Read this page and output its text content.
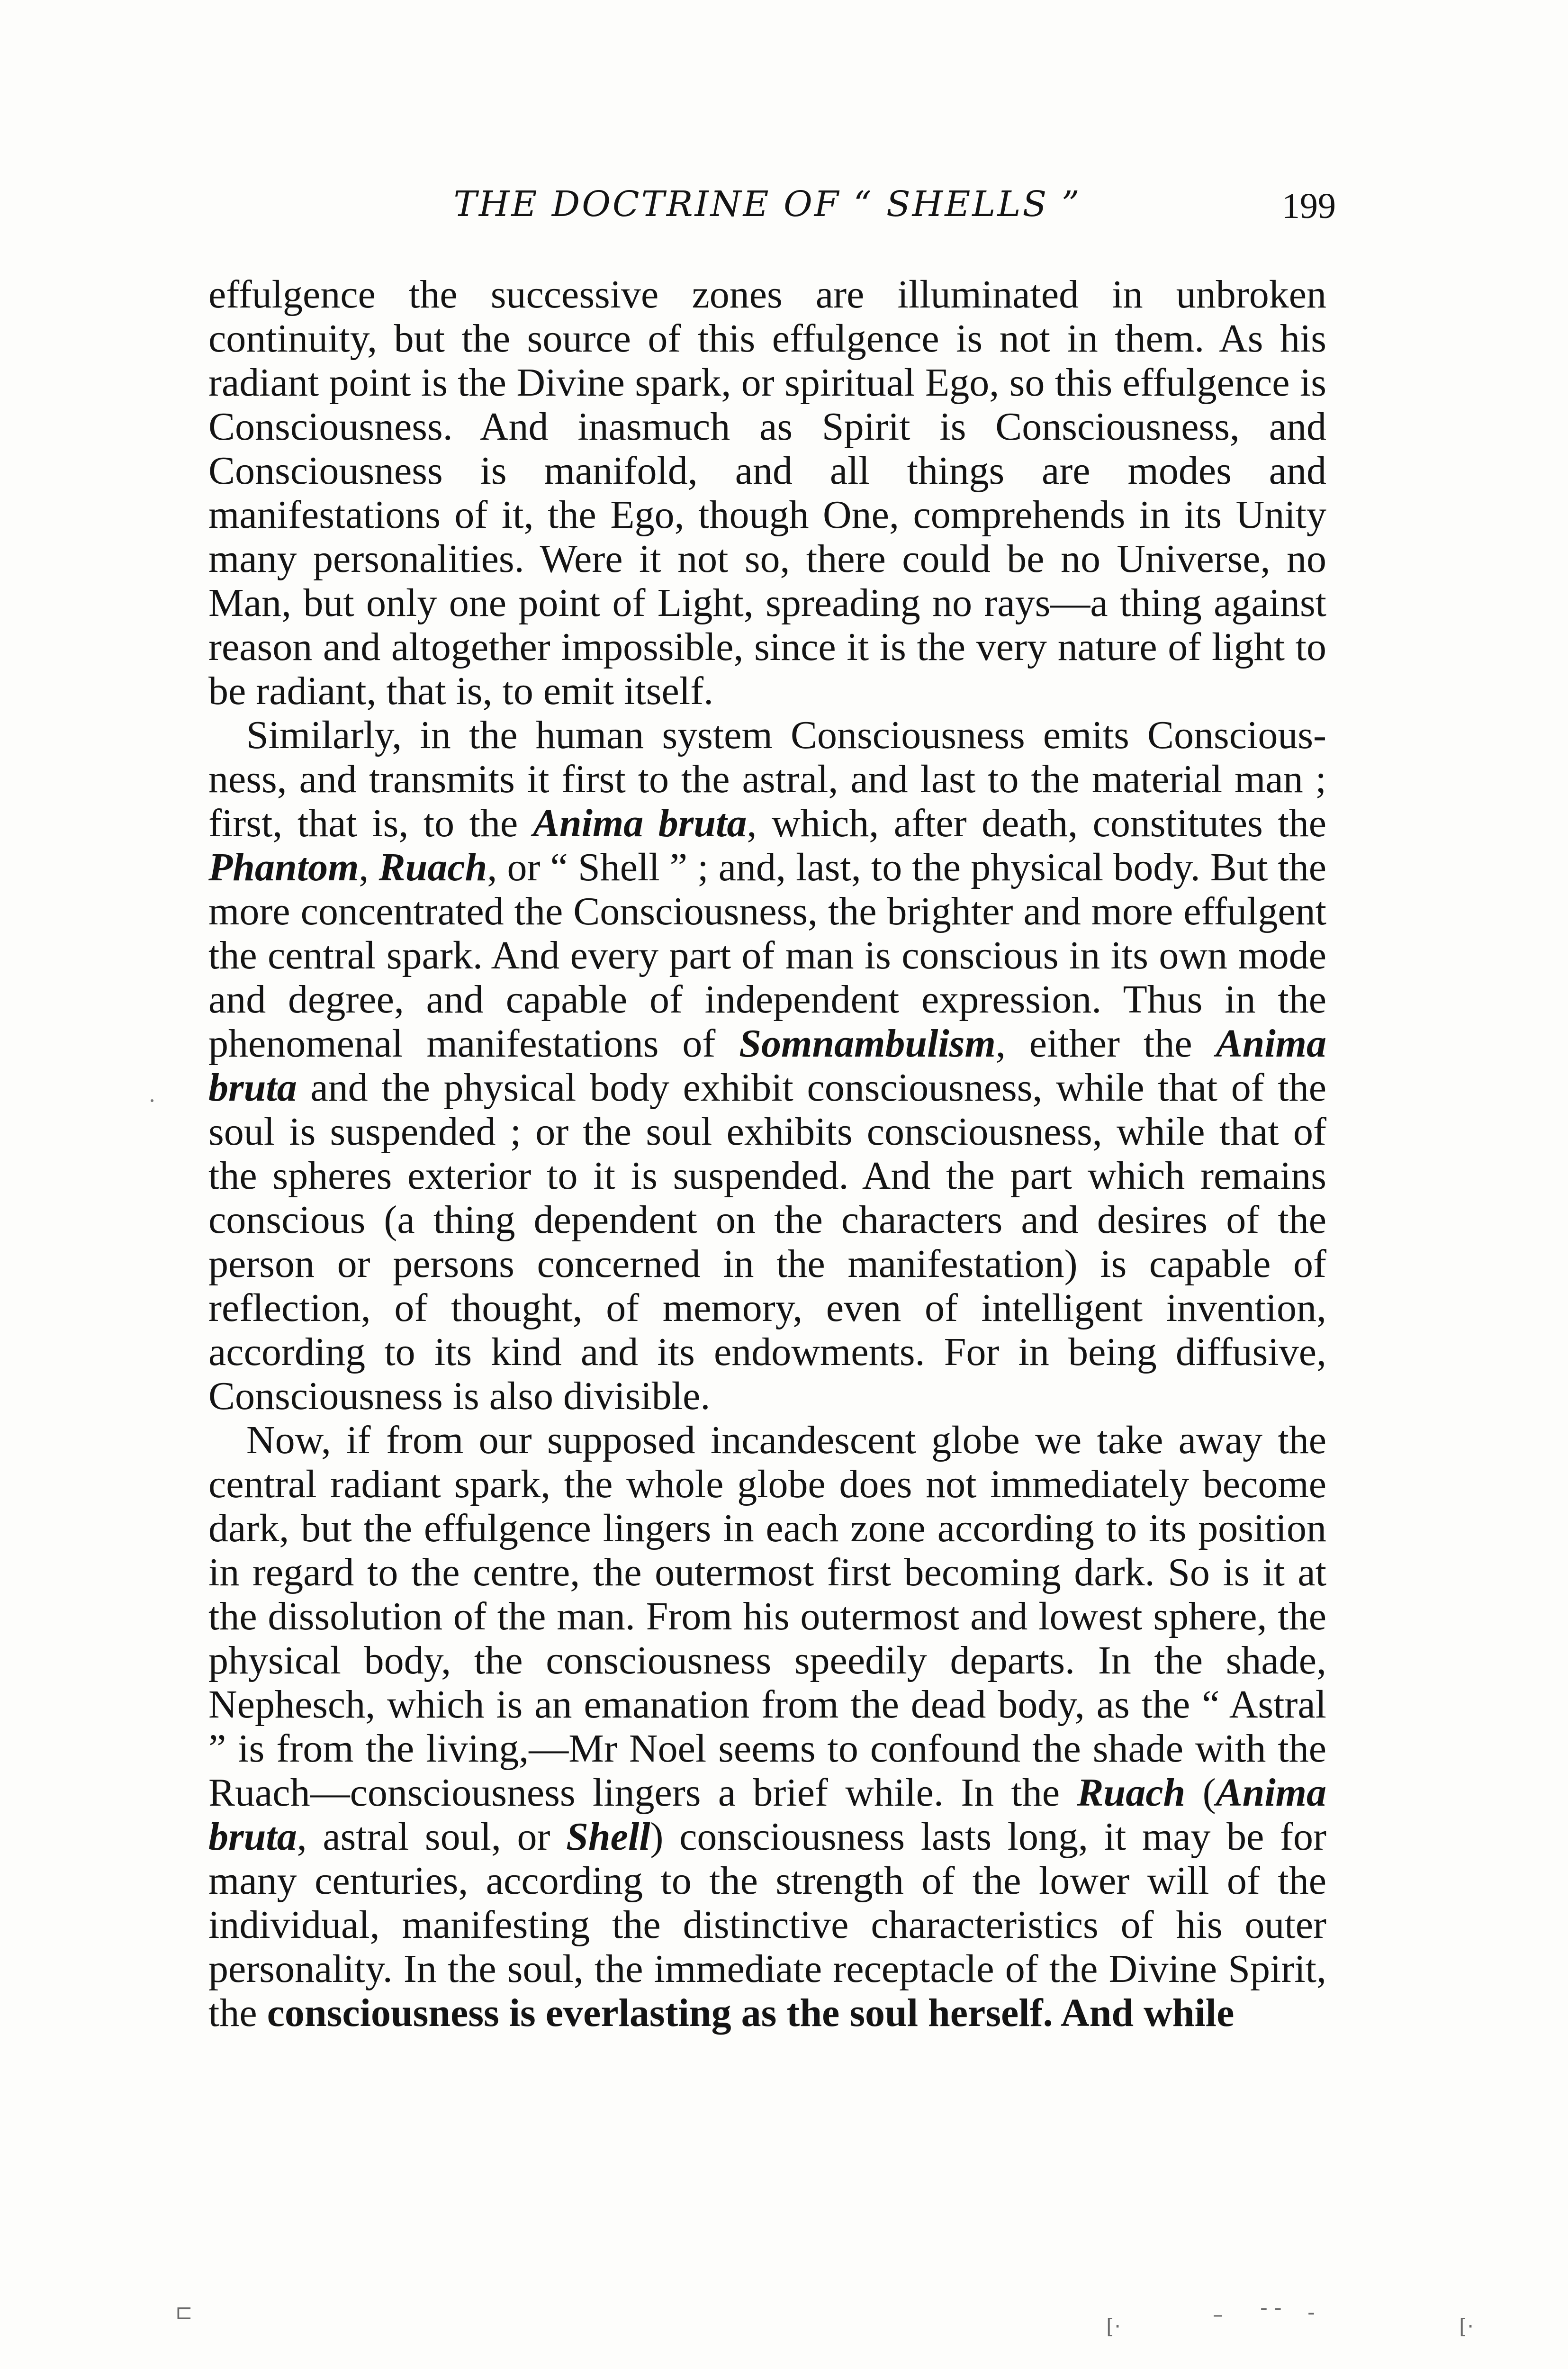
THE DOCTRINE OF “ SHELLS ”	199

effulgence the successive zones are illuminated in unbroken continuity, but the source of this effulgence is not in them. As his radiant point is the Divine spark, or spiritual Ego, so this effulgence is Consciousness. And inasmuch as Spirit is Consciousness, and Consciousness is manifold, and all things are modes and manifestations of it, the Ego, though One, comprehends in its Unity many personalities. Were it not so, there could be no Universe, no Man, but only one point of Light, spreading no rays—a thing against reason and altogether impossible, since it is the very nature of light to be radiant, that is, to emit itself.

Similarly, in the human system Consciousness emits Consciousness, and transmits it first to the astral, and last to the material man ; first, that is, to the Anima bruta, which, after death, constitutes the Phantom, Ruach, or “ Shell ” ; and, last, to the physical body. But the more concentrated the Consciousness, the brighter and more effulgent the central spark. And every part of man is conscious in its own mode and degree, and capable of independent expression. Thus in the phenomenal manifestations of Somnambulism, either the Anima bruta and the physical body exhibit consciousness, while that of the soul is suspended ; or the soul exhibits consciousness, while that of the spheres exterior to it is suspended. And the part which remains conscious (a thing dependent on the characters and desires of the person or persons concerned in the manifestation) is capable of reflection, of thought, of memory, even of intelligent invention, according to its kind and its endowments. For in being diffusive, Consciousness is also divisible.

Now, if from our supposed incandescent globe we take away the central radiant spark, the whole globe does not immediately become dark, but the effulgence lingers in each zone according to its position in regard to the centre, the outermost first becoming dark. So is it at the dissolution of the man. From his outermost and lowest sphere, the physical body, the consciousness speedily departs. In the shade, Nephesch, which is an emanation from the dead body, as the “ Astral ” is from the living,—Mr Noel seems to confound the shade with the Ruach—consciousness lingers a brief while. In the Ruach (Anima bruta, astral soul, or Shell) consciousness lasts long, it may be for many centuries, according to the strength of the lower will of the individual, manifesting the distinctive characteristics of his outer personality. In the soul, the immediate receptacle of the Divine Spirit, the consciousness is everlasting as the soul herself. And while

⊏
[·	– ‑ ‑ ‑
[·
